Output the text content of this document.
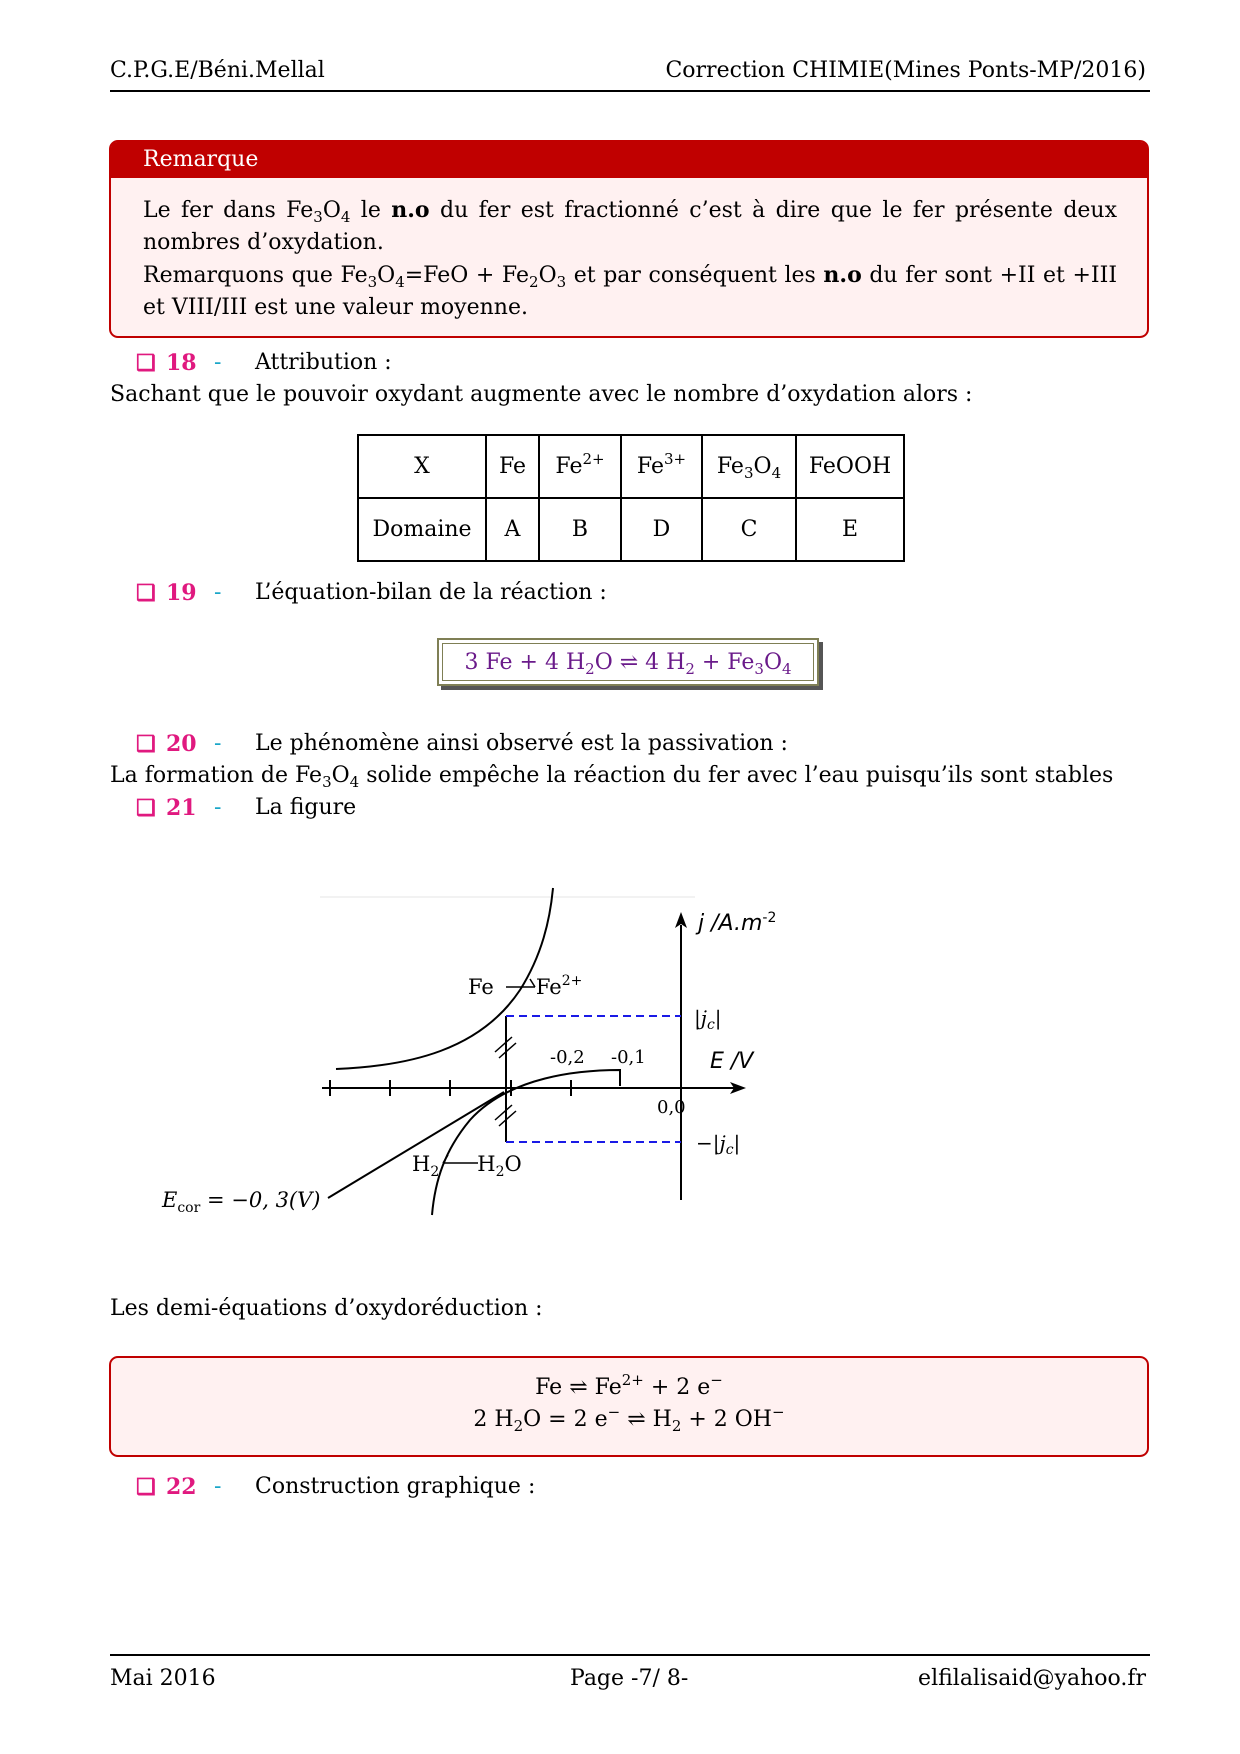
C.P.G.E/Béni.Mellal	Correction CHIMIE(Mines Ponts-MP/2016)
Remarque
Le fer dans $Fe_3O_4$ le n.o du fer est fractionné c’est à dire que le fer présente deux nombres d’oxydation.
Remarquons que $Fe_3O_4=FeO + Fe_2O_3$ et par conséquent les n.o du fer sont +II et +III et VIII/III est une valeur moyenne.
❑ 18 - Attribution :
Sachant que le pouvoir oxydant augmente avec le nombre d’oxydation alors :
X	Fe	$Fe^{2+}$	$Fe^{3+}$	$Fe_3O_4$	FeOOH
Domaine	A	B	D	C	E
❑ 19 - L’équation-bilan de la réaction :
3 Fe + 4 $H_2O$ ⇌ 4 $H_2 + Fe_3O_4$
❑ 20 - Le phénomène ainsi observé est la passivation :
La formation de $Fe_3O_4$ solide empêche la réaction du fer avec l’eau puisqu’ils sont stables
❑ 21 - La figure
j $/A.m^{-2}$
E /V
-0,2 -0,1
0,0
$|j_c|$
$-|j_c|$
Fe $Fe^{2+}$
$H_2$ $H_2O$
$E_{cor} = -0$, 3(V)
Les demi-équations d’oxydoréduction :
Fe ⇌ $Fe^{2+} + 2$ e−
2 $H_2O = 2$ e− ⇌ $H_2 + 2$ OH−
❑ 22 - Construction graphique :
Mai 2016	Page -7/ 8-	elfilalisaid@yahoo.fr
